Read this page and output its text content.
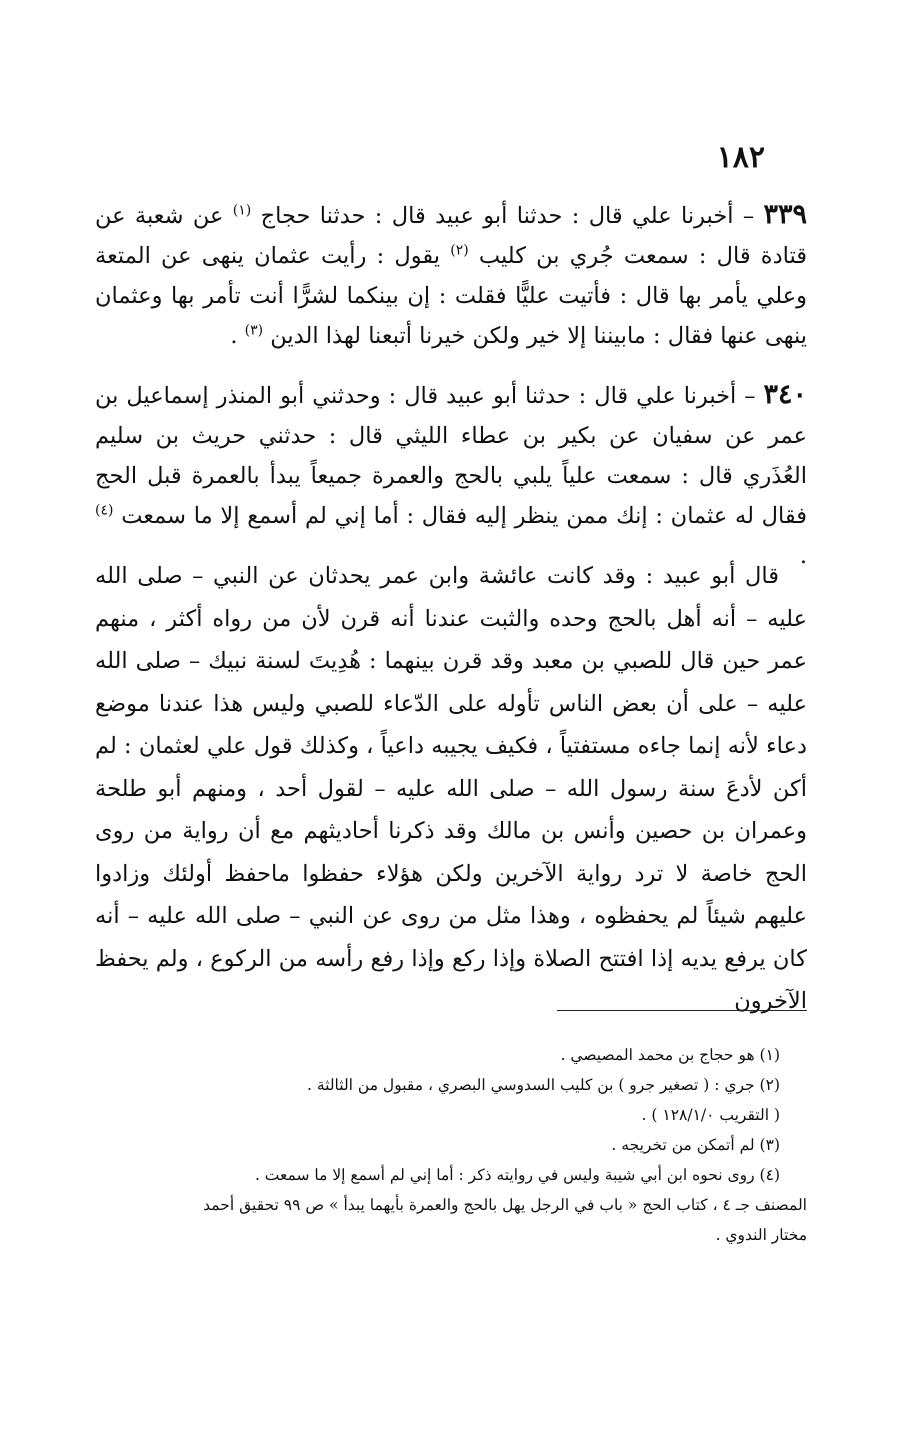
١٨٢

٣٣٩ – أخبرنا علي قال : حدثنا أبو عبيد قال : حدثنا حجاج $^{(١)}$ عن شعبة عن قتادة قال : سمعت جُري بن كليب $^{(٢)}$ يقول : رأيت عثمان ينهى عن المتعة وعلي يأمر بها قال : فأتيت عليًّا فقلت : إن بينكما لشرًّا أنت تأمر بها وعثمان ينهى عنها فقال : مابيننا إلا خير ولكن خيرنا أتبعنا لهذا الدين $^{(٣)}$ .

٣٤٠ – أخبرنا علي قال : حدثنا أبو عبيد قال : وحدثني أبو المنذر إسماعيل بن عمر عن سفيان عن بكير بن عطاء الليثي قال : حدثني حريث بن سليم العُذَري قال : سمعت علياً يلبي بالحج والعمرة جميعاً يبدأ بالعمرة قبل الحج فقال له عثمان : إنك ممن ينظر إليه فقال : أما إني لم أسمع إلا ما سمعت $^{(٤)}$ .

قال أبو عبيد : وقد كانت عائشة وابن عمر يحدثان عن النبي – صلى الله عليه – أنه أهل بالحج وحده والثبت عندنا أنه قرن لأن من رواه أكثر ، منهم عمر حين قال للصبي بن معبد وقد قرن بينهما : هُدِيتَ لسنة نبيك – صلى الله عليه – على أن بعض الناس تأوله على الدّعاء للصبي وليس هذا عندنا موضع دعاء لأنه إنما جاءه مستفتياً ، فكيف يجيبه داعياً ، وكذلك قول علي لعثمان : لم أكن لأدعَ سنة رسول الله – صلى الله عليه – لقول أحد ، ومنهم أبو طلحة وعمران بن حصين وأنس بن مالك وقد ذكرنا أحاديثهم مع أن رواية من روى الحج خاصة لا ترد رواية الآخرين ولكن هؤلاء حفظوا ماحفظ أولئك وزادوا عليهم شيئاً لم يحفظوه ، وهذا مثل من روى عن النبي – صلى الله عليه – أنه كان يرفع يديه إذا افتتح الصلاة وإذا ركع وإذا رفع رأسه من الركوع ، ولم يحفظ الآخرون

(١) هو حجاج بن محمد المصيصي .

(٢) جري : ( تصغير جرو ) بن كليب السدوسي البصري ، مقبول من الثالثة .

( التقريب ١٢٨/١/٠ ) .

(٣) لم أتمكن من تخريجه .

(٤) روى نحوه ابن أبي شيبة وليس في روايته ذكر : أما إني لم أسمع إلا ما سمعت .

المصنف جـ ٤ ، كتاب الحج « باب في الرجل يهل بالحج والعمرة بأيهما يبدأ » ص ٩٩ تحقيق أحمد

مختار الندوي .
